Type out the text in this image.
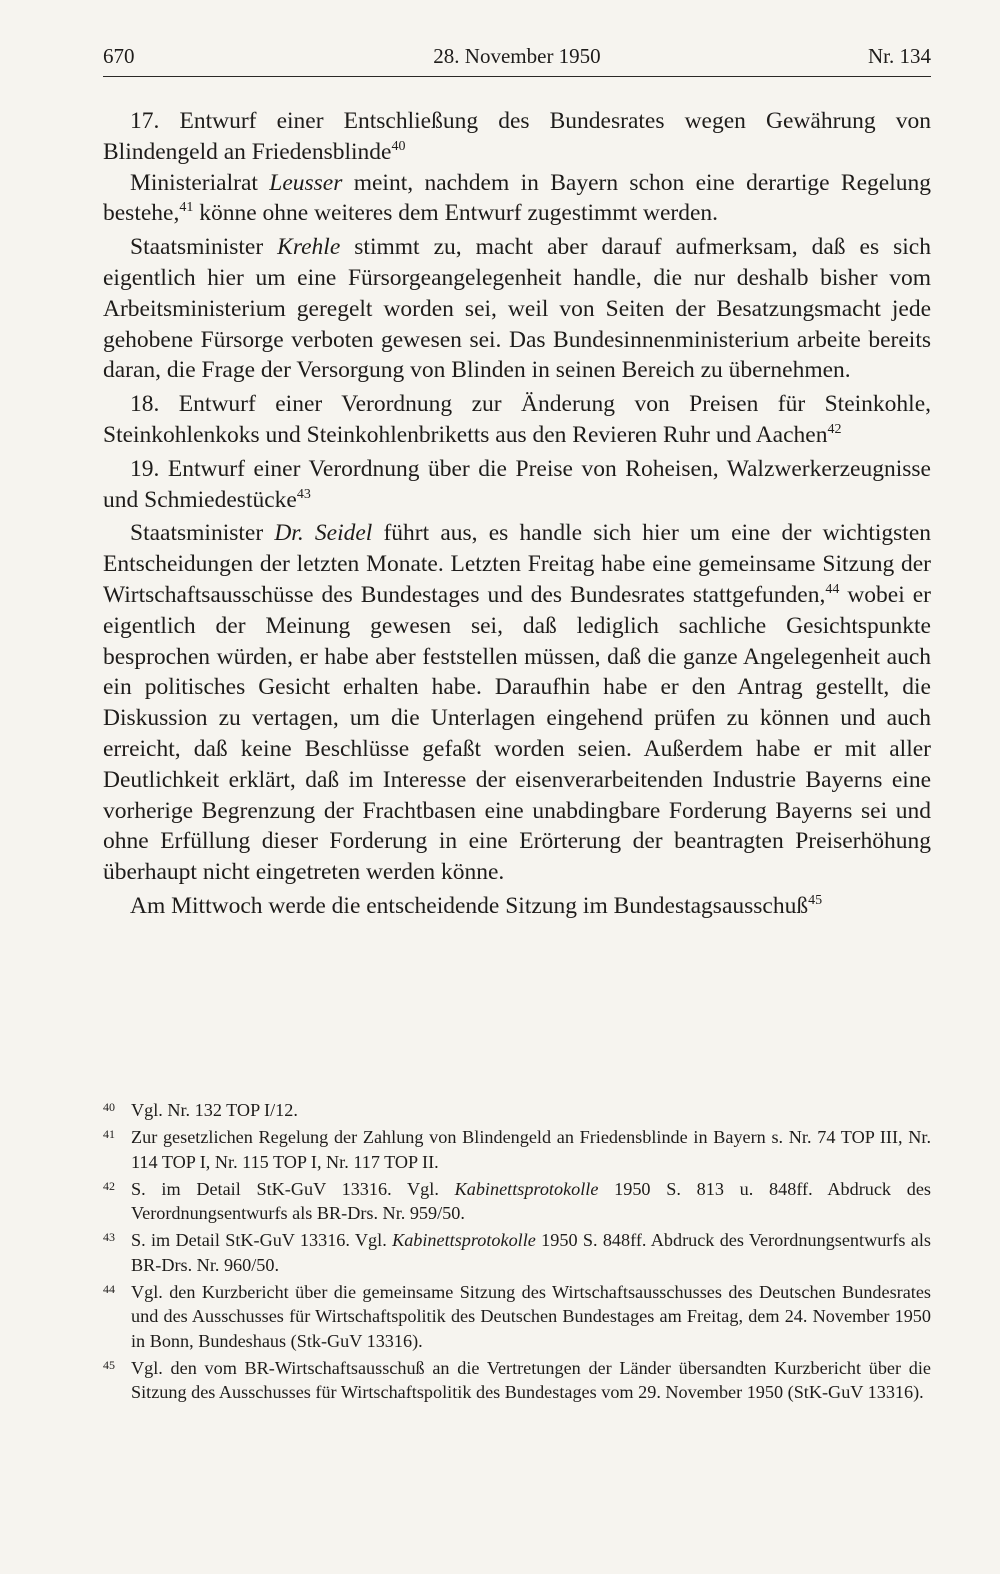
670	28. November 1950	Nr. 134

17. Entwurf einer Entschließung des Bundesrates wegen Gewährung von Blindengeld an Friedensblinde$^{40}$

Ministerialrat Leusser meint, nachdem in Bayern schon eine derartige Regelung bestehe,$^{41}$ könne ohne weiteres dem Entwurf zugestimmt werden.

Staatsminister Krehle stimmt zu, macht aber darauf aufmerksam, daß es sich eigentlich hier um eine Fürsorgeangelegenheit handle, die nur deshalb bisher vom Arbeitsministerium geregelt worden sei, weil von Seiten der Besatzungsmacht jede gehobene Fürsorge verboten gewesen sei. Das Bundesinnenministerium arbeite bereits daran, die Frage der Versorgung von Blinden in seinen Bereich zu übernehmen.

18. Entwurf einer Verordnung zur Änderung von Preisen für Steinkohle, Steinkohlenkoks und Steinkohlenbriketts aus den Revieren Ruhr und Aachen$^{42}$

19. Entwurf einer Verordnung über die Preise von Roheisen, Walzwerkerzeugnisse und Schmiedestücke$^{43}$

Staatsminister Dr. Seidel führt aus, es handle sich hier um eine der wichtigsten Entscheidungen der letzten Monate. Letzten Freitag habe eine gemeinsame Sitzung der Wirtschaftsausschüsse des Bundestages und des Bundesrates stattgefunden,$^{44}$ wobei er eigentlich der Meinung gewesen sei, daß lediglich sachliche Gesichtspunkte besprochen würden, er habe aber feststellen müssen, daß die ganze Angelegenheit auch ein politisches Gesicht erhalten habe. Daraufhin habe er den Antrag gestellt, die Diskussion zu vertagen, um die Unterlagen eingehend prüfen zu können und auch erreicht, daß keine Beschlüsse gefaßt worden seien. Außerdem habe er mit aller Deutlichkeit erklärt, daß im Interesse der eisenverarbeitenden Industrie Bayerns eine vorherige Begrenzung der Frachtbasen eine unabdingbare Forderung Bayerns sei und ohne Erfüllung dieser Forderung in eine Erörterung der beantragten Preiserhöhung überhaupt nicht eingetreten werden könne.

Am Mittwoch werde die entscheidende Sitzung im Bundestagsausschuß$^{45}$

40 Vgl. Nr. 132 TOP I/12.
41 Zur gesetzlichen Regelung der Zahlung von Blindengeld an Friedensblinde in Bayern s. Nr. 74 TOP III, Nr. 114 TOP I, Nr. 115 TOP I, Nr. 117 TOP II.
42 S. im Detail StK-GuV 13316. Vgl. Kabinettsprotokolle 1950 S. 813 u. 848ff. Abdruck des Verordnungsentwurfs als BR-Drs. Nr. 959/50.
43 S. im Detail StK-GuV 13316. Vgl. Kabinettsprotokolle 1950 S. 848ff. Abdruck des Verordnungsentwurfs als BR-Drs. Nr. 960/50.
44 Vgl. den Kurzbericht über die gemeinsame Sitzung des Wirtschaftsausschusses des Deutschen Bundesrates und des Ausschusses für Wirtschaftspolitik des Deutschen Bundestages am Freitag, dem 24. November 1950 in Bonn, Bundeshaus (Stk-GuV 13316).
45 Vgl. den vom BR-Wirtschaftsausschuß an die Vertretungen der Länder übersandten Kurzbericht über die Sitzung des Ausschusses für Wirtschaftspolitik des Bundestages vom 29. November 1950 (StK-GuV 13316).
